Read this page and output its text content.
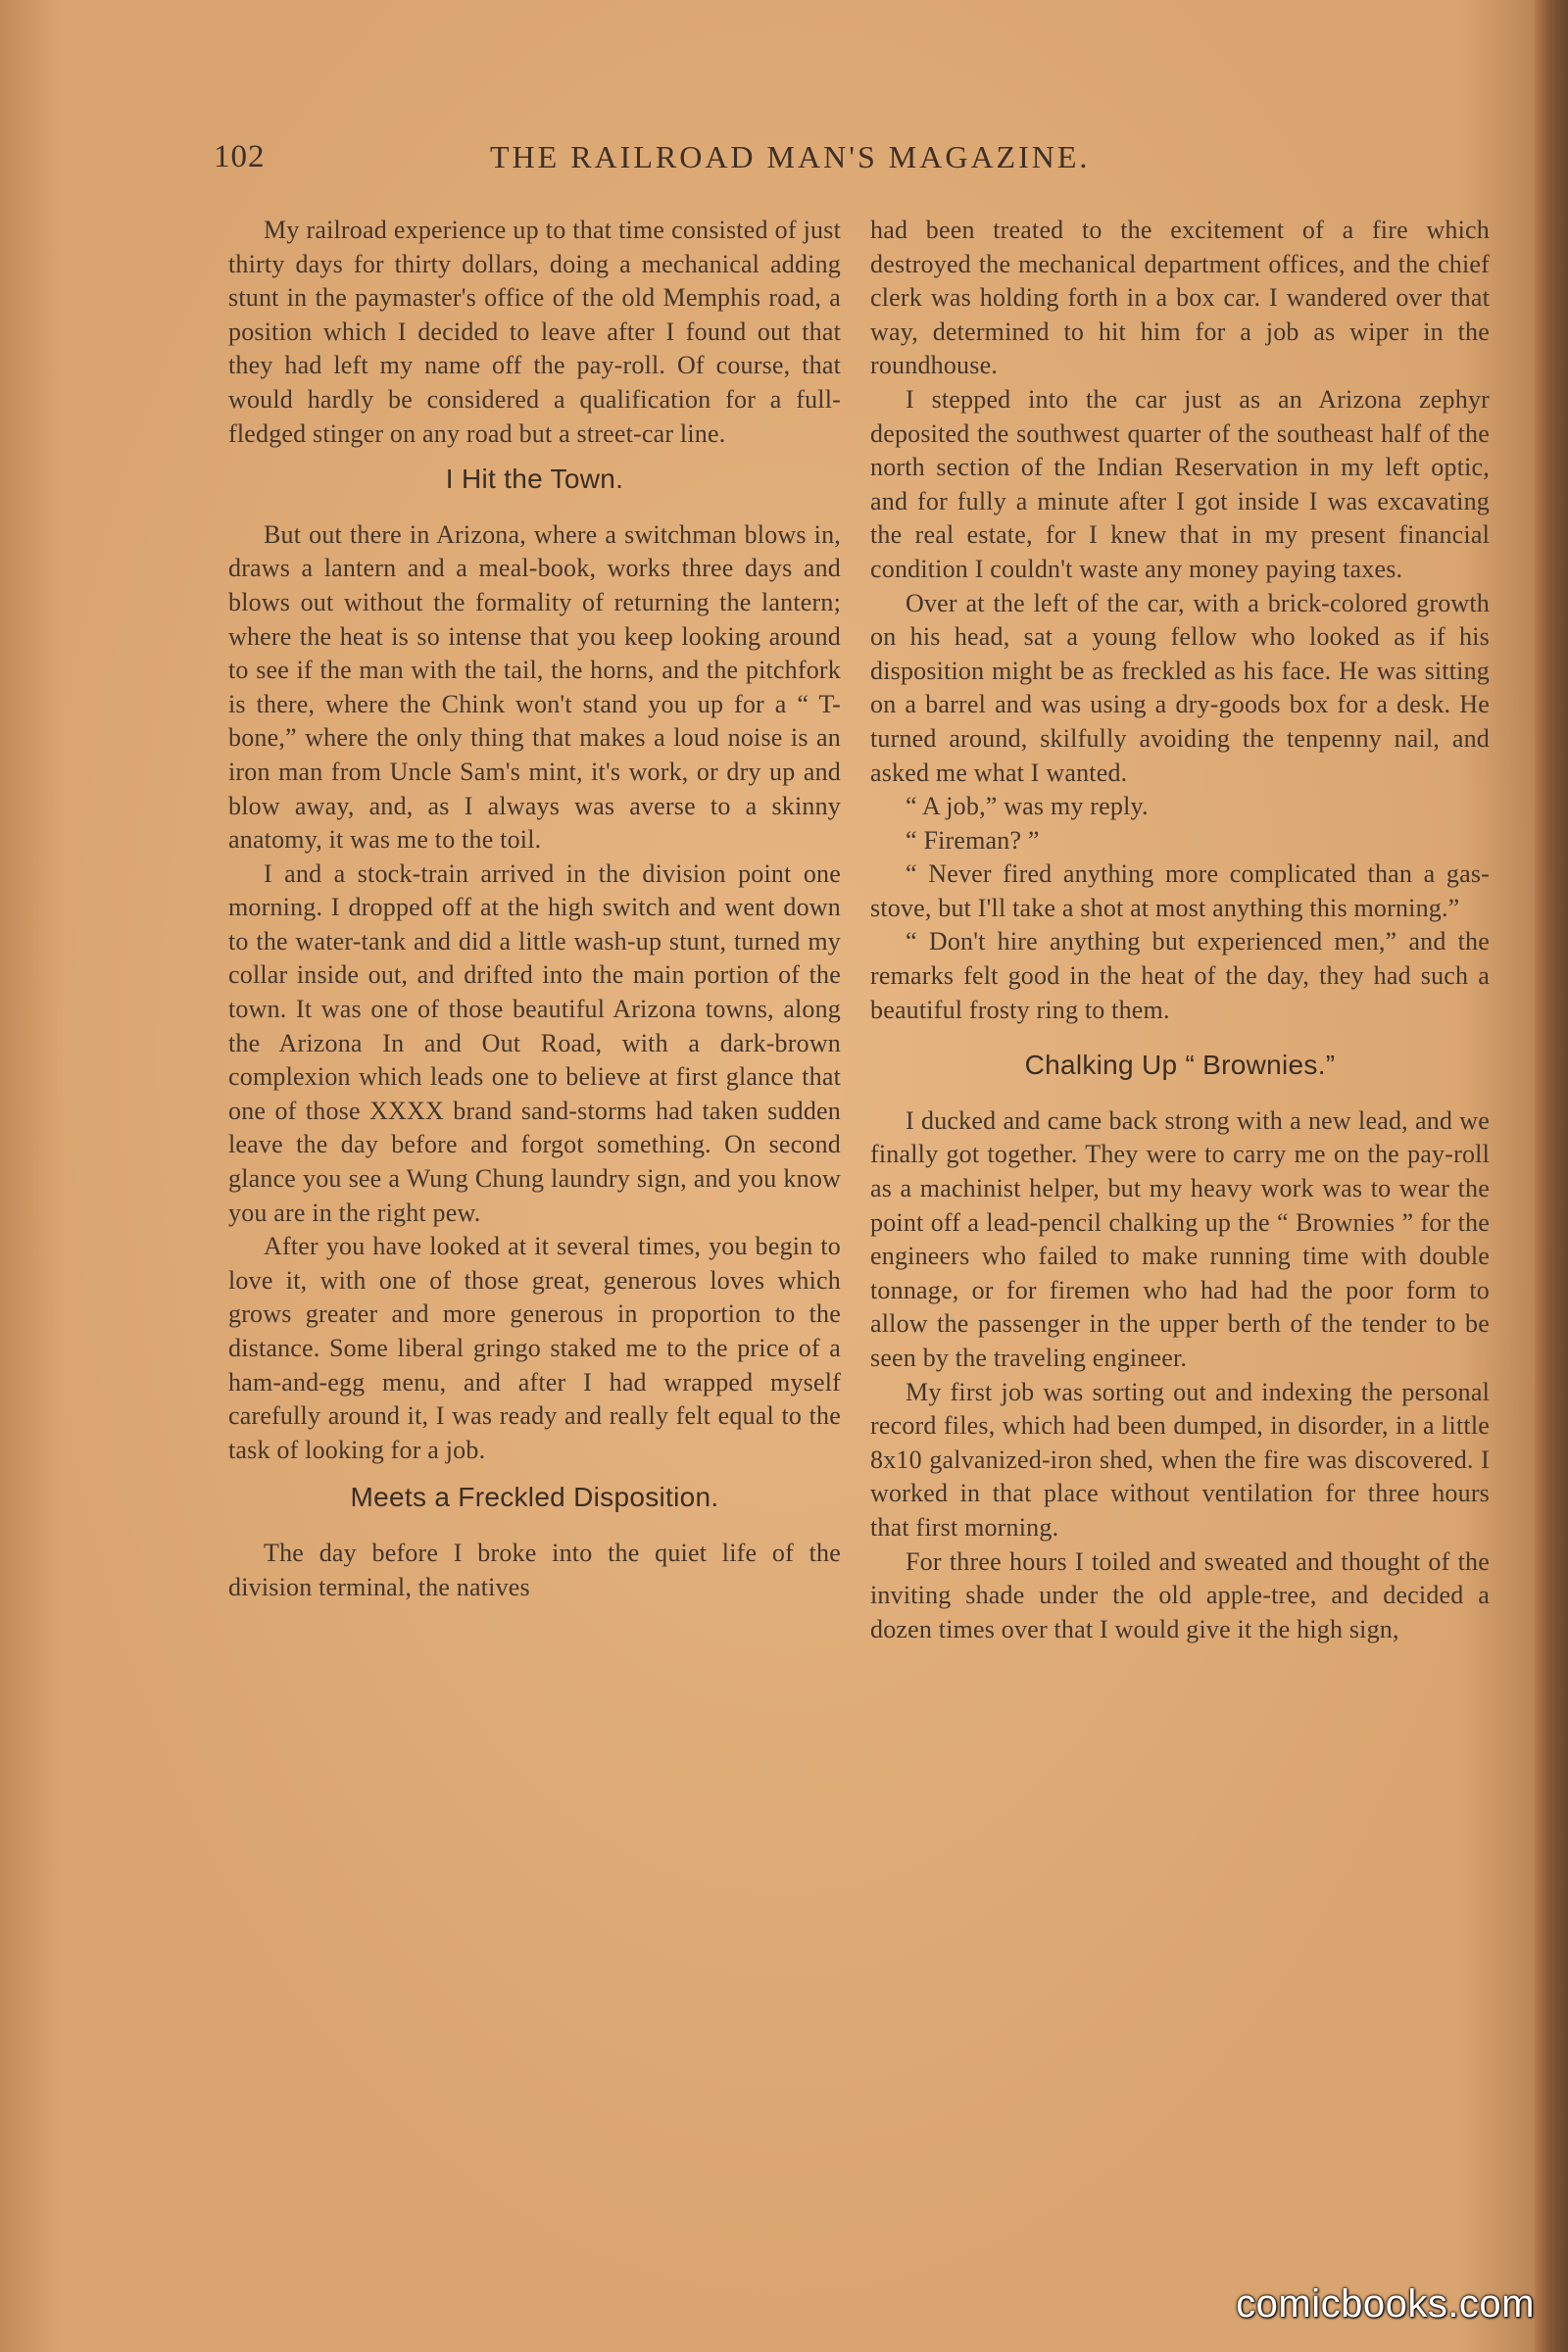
102	THE RAILROAD MAN'S MAGAZINE.

My railroad experience up to that time consisted of just thirty days for thirty dollars, doing a mechanical adding stunt in the paymaster's office of the old Memphis road, a position which I decided to leave after I found out that they had left my name off the pay-roll. Of course, that would hardly be considered a qualification for a full-fledged stinger on any road but a street-car line.

I Hit the Town.

But out there in Arizona, where a switchman blows in, draws a lantern and a meal-book, works three days and blows out without the formality of returning the lantern; where the heat is so intense that you keep looking around to see if the man with the tail, the horns, and the pitchfork is there, where the Chink won't stand you up for a “ T-bone,” where the only thing that makes a loud noise is an iron man from Uncle Sam's mint, it's work, or dry up and blow away, and, as I always was averse to a skinny anatomy, it was me to the toil.

I and a stock-train arrived in the division point one morning. I dropped off at the high switch and went down to the water-tank and did a little wash-up stunt, turned my collar inside out, and drifted into the main portion of the town. It was one of those beautiful Arizona towns, along the Arizona In and Out Road, with a dark-brown complexion which leads one to believe at first glance that one of those XXXX brand sand-storms had taken sudden leave the day before and forgot something. On second glance you see a Wung Chung laundry sign, and you know you are in the right pew.

After you have looked at it several times, you begin to love it, with one of those great, generous loves which grows greater and more generous in proportion to the distance. Some liberal gringo staked me to the price of a ham-and-egg menu, and after I had wrapped myself carefully around it, I was ready and really felt equal to the task of looking for a job.

Meets a Freckled Disposition.

The day before I broke into the quiet life of the division terminal, the natives

had been treated to the excitement of a fire which destroyed the mechanical department offices, and the chief clerk was holding forth in a box car. I wandered over that way, determined to hit him for a job as wiper in the roundhouse.

I stepped into the car just as an Arizona zephyr deposited the southwest quarter of the southeast half of the north section of the Indian Reservation in my left optic, and for fully a minute after I got inside I was excavating the real estate, for I knew that in my present financial condition I couldn't waste any money paying taxes.

Over at the left of the car, with a brick-colored growth on his head, sat a young fellow who looked as if his disposition might be as freckled as his face. He was sitting on a barrel and was using a dry-goods box for a desk. He turned around, skilfully avoiding the tenpenny nail, and asked me what I wanted.

“ A job,” was my reply.

“ Fireman? ”

“ Never fired anything more complicated than a gas-stove, but I'll take a shot at most anything this morning.”

“ Don't hire anything but experienced men,” and the remarks felt good in the heat of the day, they had such a beautiful frosty ring to them.

Chalking Up “ Brownies.”

I ducked and came back strong with a new lead, and we finally got together. They were to carry me on the pay-roll as a machinist helper, but my heavy work was to wear the point off a lead-pencil chalking up the “ Brownies ” for the engineers who failed to make running time with double tonnage, or for firemen who had had the poor form to allow the passenger in the upper berth of the tender to be seen by the traveling engineer.

My first job was sorting out and indexing the personal record files, which had been dumped, in disorder, in a little 8x10 galvanized-iron shed, when the fire was discovered. I worked in that place without ventilation for three hours that first morning.

For three hours I toiled and sweated and thought of the inviting shade under the old apple-tree, and decided a dozen times over that I would give it the high sign,

comicbooks.com
